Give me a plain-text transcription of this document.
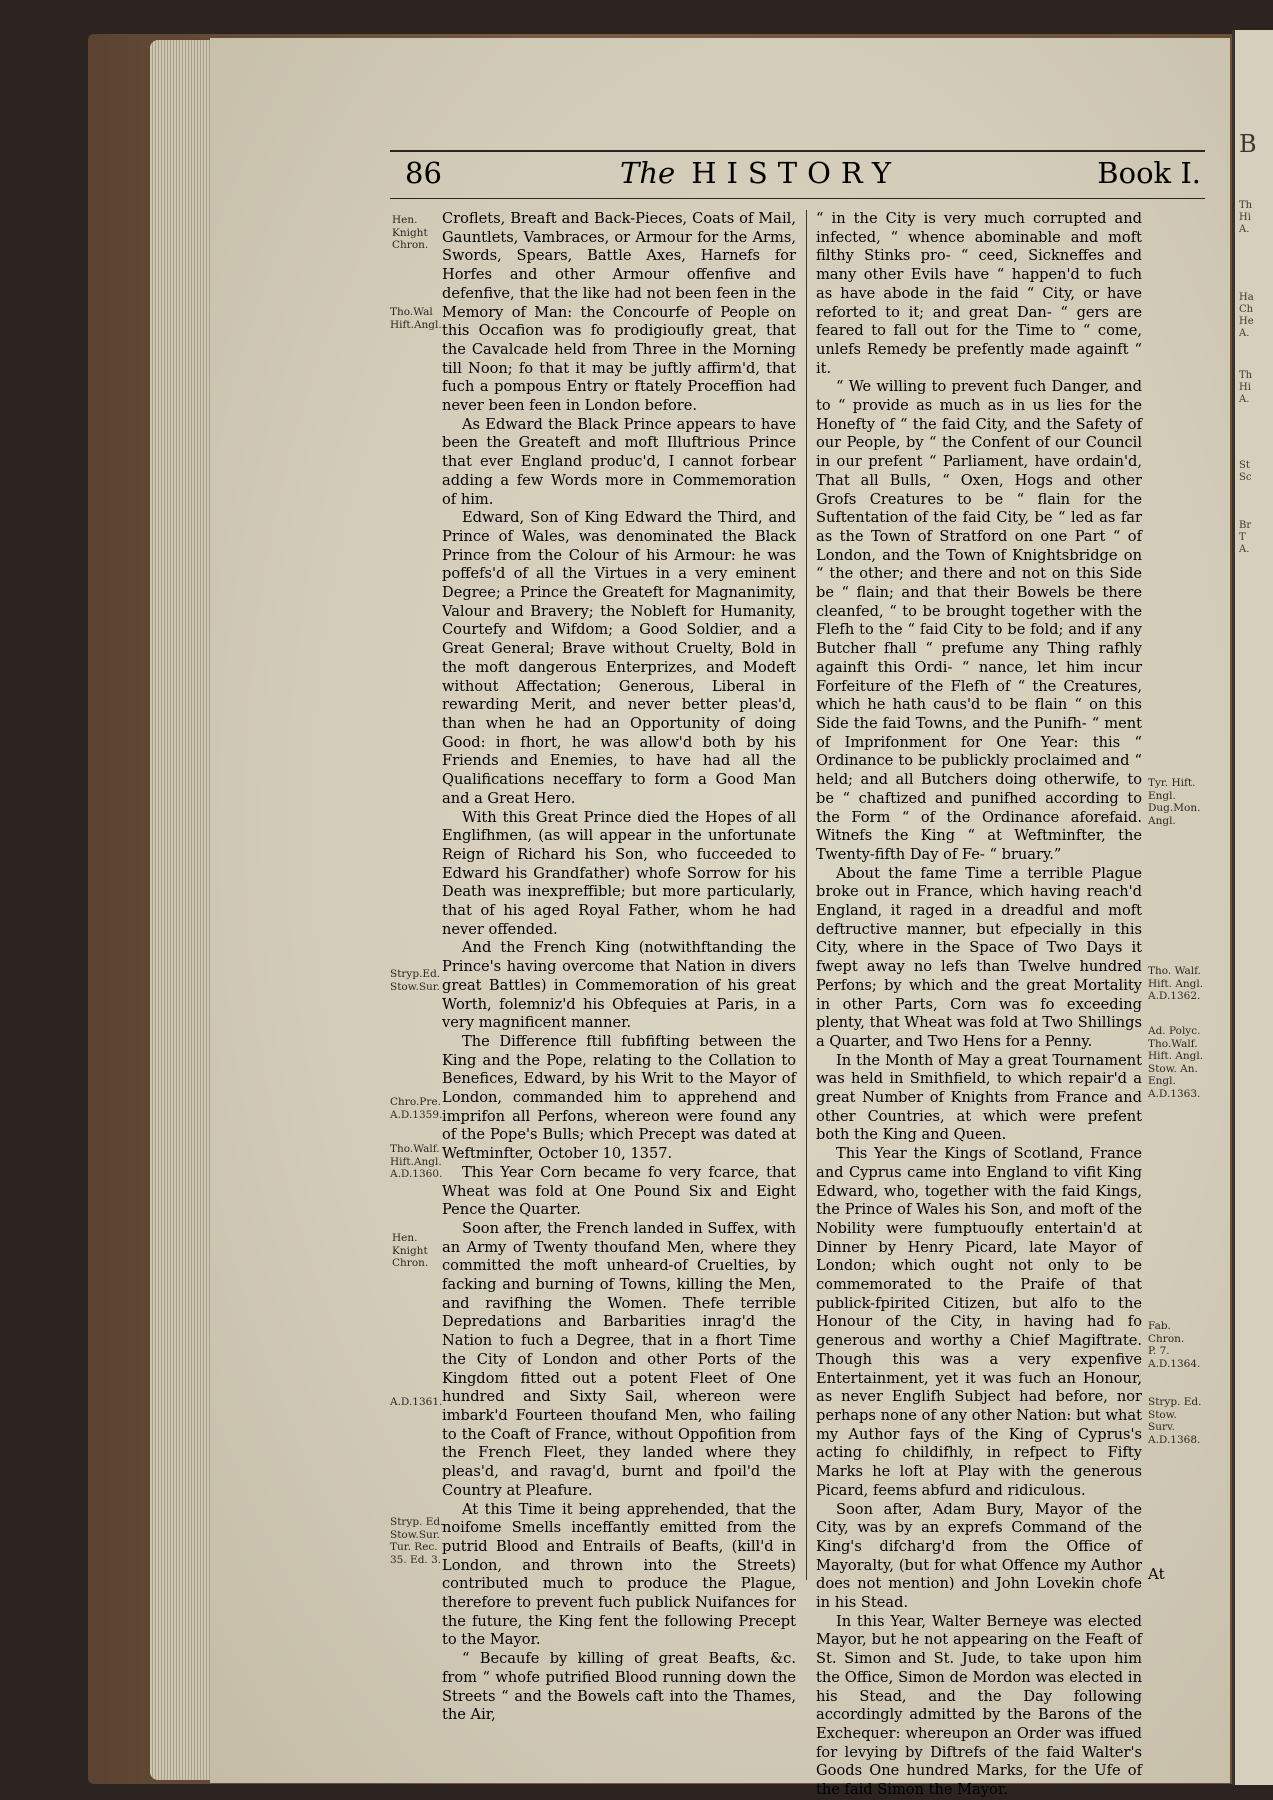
B
Th
Hi
A.
Ha
Ch
He
A.
Th
Hi
A.
St
Sc
Br
T
A.
86	The HISTORY	Book I.

Croflets, Breaft and Back-Pieces, Coats of Mail, Gauntlets, Vambraces, or Armour for the Arms, Swords, Spears, Battle Axes, Harnefs for Horfes and other Armour offenfive and defenfive, that the like had not been feen in the Memory of Man: the Concourfe of People on this Occafion was fo prodigioufly great, that the Cavalcade held from Three in the Morning till Noon; fo that it may be juftly affirm'd, that fuch a pompous Entry or ftately Proceffion had never been feen in London before.

As Edward the Black Prince appears to have been the Greateft and moft Illuftrious Prince that ever England produc'd, I cannot forbear adding a few Words more in Commemoration of him.

Edward, Son of King Edward the Third, and Prince of Wales, was denominated the Black Prince from the Colour of his Armour: he was poffefs'd of all the Virtues in a very eminent Degree; a Prince the Greateft for Magnanimity, Valour and Bravery; the Nobleft for Humanity, Courtefy and Wifdom; a Good Soldier, and a Great General; Brave without Cruelty, Bold in the moft dangerous Enterprizes, and Modeft without Affectation; Generous, Liberal in rewarding Merit, and never better pleas'd, than when he had an Opportunity of doing Good: in fhort, he was allow'd both by his Friends and Enemies, to have had all the Qualifications neceffary to form a Good Man and a Great Hero.

With this Great Prince died the Hopes of all Englifhmen, (as will appear in the unfortunate Reign of Richard his Son, who fucceeded to Edward his Grandfather) whofe Sorrow for his Death was inexpreffible; but more particularly, that of his aged Royal Father, whom he had never offended.

And the French King (notwithftanding the Prince's having overcome that Nation in divers great Battles) in Commemoration of his great Worth, folemniz'd his Obfequies at Paris, in a very magnificent manner.

The Difference ftill fubfifting between the King and the Pope, relating to the Collation to Benefices, Edward, by his Writ to the Mayor of London, commanded him to apprehend and imprifon all Perfons, whereon were found any of the Pope's Bulls; which Precept was dated at Weftminfter, October 10, 1357.

This Year Corn became fo very fcarce, that Wheat was fold at One Pound Six and Eight Pence the Quarter.

Soon after, the French landed in Suffex, with an Army of Twenty thoufand Men, where they committed the moft unheard-of Cruelties, by facking and burning of Towns, killing the Men, and ravifhing the Women. Thefe terrible Depredations and Barbarities inrag'd the Nation to fuch a Degree, that in a fhort Time the City of London and other Ports of the Kingdom fitted out a potent Fleet of One hundred and Sixty Sail, whereon were imbark'd Fourteen thoufand Men, who failing to the Coaft of France, without Oppofition from the French Fleet, they landed where they pleas'd, and ravag'd, burnt and fpoil'd the Country at Pleafure.

At this Time it being apprehended, that the noifome Smells inceffantly emitted from the putrid Blood and Entrails of Beafts, (kill'd in London, and thrown into the Streets) contributed much to produce the Plague, therefore to prevent fuch publick Nuifances for the future, the King fent the following Precept to the Mayor.

“ Becaufe by killing of great Beafts, &c. from “ whofe putrified Blood running down the Streets “ and the Bowels caft into the Thames, the Air,

“ in the City is very much corrupted and infected, “ whence abominable and moft filthy Stinks pro- “ ceed, Sickneffes and many other Evils have “ happen'd to fuch as have abode in the faid “ City, or have reforted to it; and great Dan- “ gers are feared to fall out for the Time to “ come, unlefs Remedy be prefently made againft “ it.

“ We willing to prevent fuch Danger, and to “ provide as much as in us lies for the Honefty of “ the faid City, and the Safety of our People, by “ the Confent of our Council in our prefent “ Parliament, have ordain'd, That all Bulls, “ Oxen, Hogs and other Grofs Creatures to be “ flain for the Suftentation of the faid City, be “ led as far as the Town of Stratford on one Part “ of London, and the Town of Knightsbridge on “ the other; and there and not on this Side be “ flain; and that their Bowels be there cleanfed, “ to be brought together with the Flefh to the “ faid City to be fold; and if any Butcher fhall “ prefume any Thing rafhly againft this Ordi- “ nance, let him incur Forfeiture of the Flefh of “ the Creatures, which he hath caus'd to be flain “ on this Side the faid Towns, and the Punifh- “ ment of Imprifonment for One Year: this “ Ordinance to be publickly proclaimed and “ held; and all Butchers doing otherwife, to be “ chaftized and punifhed according to the Form “ of the Ordinance aforefaid. Witnefs the King “ at Weftminfter, the Twenty-fifth Day of Fe- “ bruary.”

About the fame Time a terrible Plague broke out in France, which having reach'd England, it raged in a dreadful and moft deftructive manner, but efpecially in this City, where in the Space of Two Days it fwept away no lefs than Twelve hundred Perfons; by which and the great Mortality in other Parts, Corn was fo exceeding plenty, that Wheat was fold at Two Shillings a Quarter, and Two Hens for a Penny.

In the Month of May a great Tournament was held in Smithfield, to which repair'd a great Number of Knights from France and other Countries, at which were prefent both the King and Queen.

This Year the Kings of Scotland, France and Cyprus came into England to vifit King Edward, who, together with the faid Kings, the Prince of Wales his Son, and moft of the Nobility were fumptuoufly entertain'd at Dinner by Henry Picard, late Mayor of London; which ought not only to be commemorated to the Praife of that publick-fpirited Citizen, but alfo to the Honour of the City, in having had fo generous and worthy a Chief Magiftrate. Though this was a very expenfive Entertainment, yet it was fuch an Honour, as never Englifh Subject had before, nor perhaps none of any other Nation: but what my Author fays of the King of Cyprus's acting fo childifhly, in refpect to Fifty Marks he loft at Play with the generous Picard, feems abfurd and ridiculous.

Soon after, Adam Bury, Mayor of the City, was by an exprefs Command of the King's difcharg'd from the Office of Mayoralty, (but for what Offence my Author does not mention) and John Lovekin chofe in his Stead.

In this Year, Walter Berneye was elected Mayor, but he not appearing on the Feaft of St. Simon and St. Jude, to take upon him the Office, Simon de Mordon was elected in his Stead, and the Day following accordingly admitted by the Barons of the Exchequer: whereupon an Order was iffued for levying by Diftrefs of the faid Walter's Goods One hundred Marks, for the Ufe of the faid Simon the Mayor.

At
Hen.
Knight
Chron.
Tho.Wal
Hift.Angl.
Stryp.Ed.
Stow.Sur.
Chro.Pre.
A.D.1359.
Tho.Walf.
Hift.Angl.
A.D.1360.
Hen.
Knight
Chron.
A.D.1361.
Stryp. Ed.
Stow.Sur.
Tur. Rec.
35. Ed. 3.
Tyr. Hift.
Engl.
Dug.Mon.
Angl.
Tho. Walf.
Hift. Angl.
A.D.1362.
Ad. Polyc.
Tho.Walf.
Hift. Angl.
Stow. An.
Engl.
A.D.1363.
Fab.
Chron.
P. 7.
A.D.1364.
Stryp. Ed.
Stow.
Surv.
A.D.1368.
